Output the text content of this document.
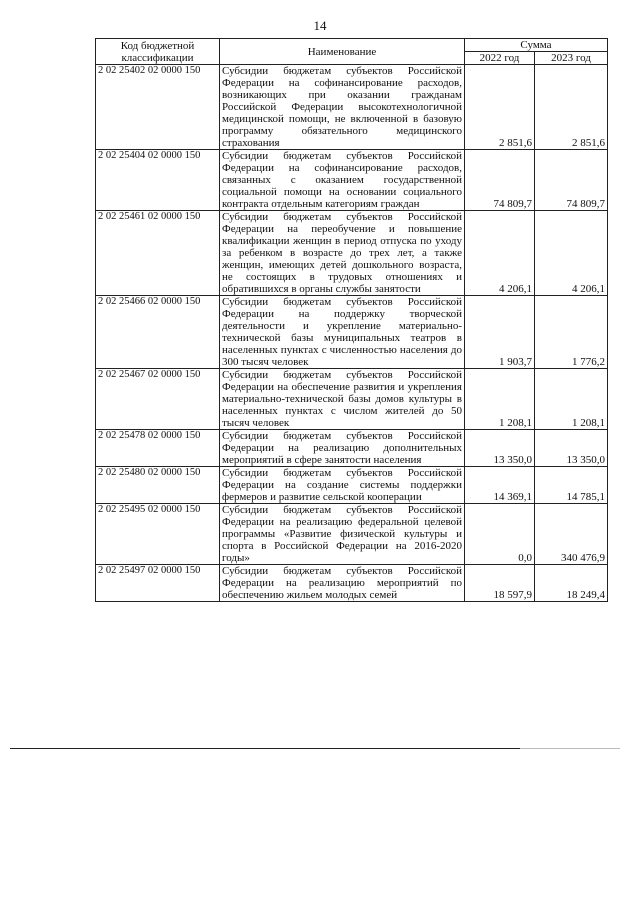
14
Код бюджетной классификации	Наименование	Сумма	
		2022 год	2023 год
2 02 25402 02 0000 150	Субсидии бюджетам субъектов Российской Федерации на софинансирование расходов, возникающих при оказании гражданам Российской Федерации высокотехнологичной медицинской помощи, не включенной в базовую программу обязательного медицинского страхования	2 851,6	2 851,6
2 02 25404 02 0000 150	Субсидии бюджетам субъектов Российской Федерации на софинансирование расходов, связанных с оказанием государственной социальной помощи на основании социального контракта отдельным категориям граждан	74 809,7	74 809,7
2 02 25461 02 0000 150	Субсидии бюджетам субъектов Российской Федерации на переобучение и повышение квалификации женщин в период отпуска по уходу за ребенком в возрасте до трех лет, а также женщин, имеющих детей дошкольного возраста, не состоящих в трудовых отношениях и обратившихся в органы службы занятости	4 206,1	4 206,1
2 02 25466 02 0000 150	Субсидии бюджетам субъектов Российской Федерации на поддержку творческой деятельности и укрепление материально-технической базы муниципальных театров в населенных пунктах с численностью населения до 300 тысяч человек	1 903,7	1 776,2
2 02 25467 02 0000 150	Субсидии бюджетам субъектов Российской Федерации на обеспечение развития и укрепления материально-технической базы домов культуры в населенных пунктах с числом жителей до 50 тысяч человек	1 208,1	1 208,1
2 02 25478 02 0000 150	Субсидии бюджетам субъектов Российской Федерации на реализацию дополнительных мероприятий в сфере занятости населения	13 350,0	13 350,0
2 02 25480 02 0000 150	Субсидии бюджетам субъектов Российской Федерации на создание системы поддержки фермеров и развитие сельской кооперации	14 369,1	14 785,1
2 02 25495 02 0000 150	Субсидии бюджетам субъектов Российской Федерации на реализацию федеральной целевой программы «Развитие физической культуры и спорта в Российской Федерации на 2016-2020 годы»	0,0	340 476,9
2 02 25497 02 0000 150	Субсидии бюджетам субъектов Российской Федерации на реализацию мероприятий по обеспечению жильем молодых семей	18 597,9	18 249,4
